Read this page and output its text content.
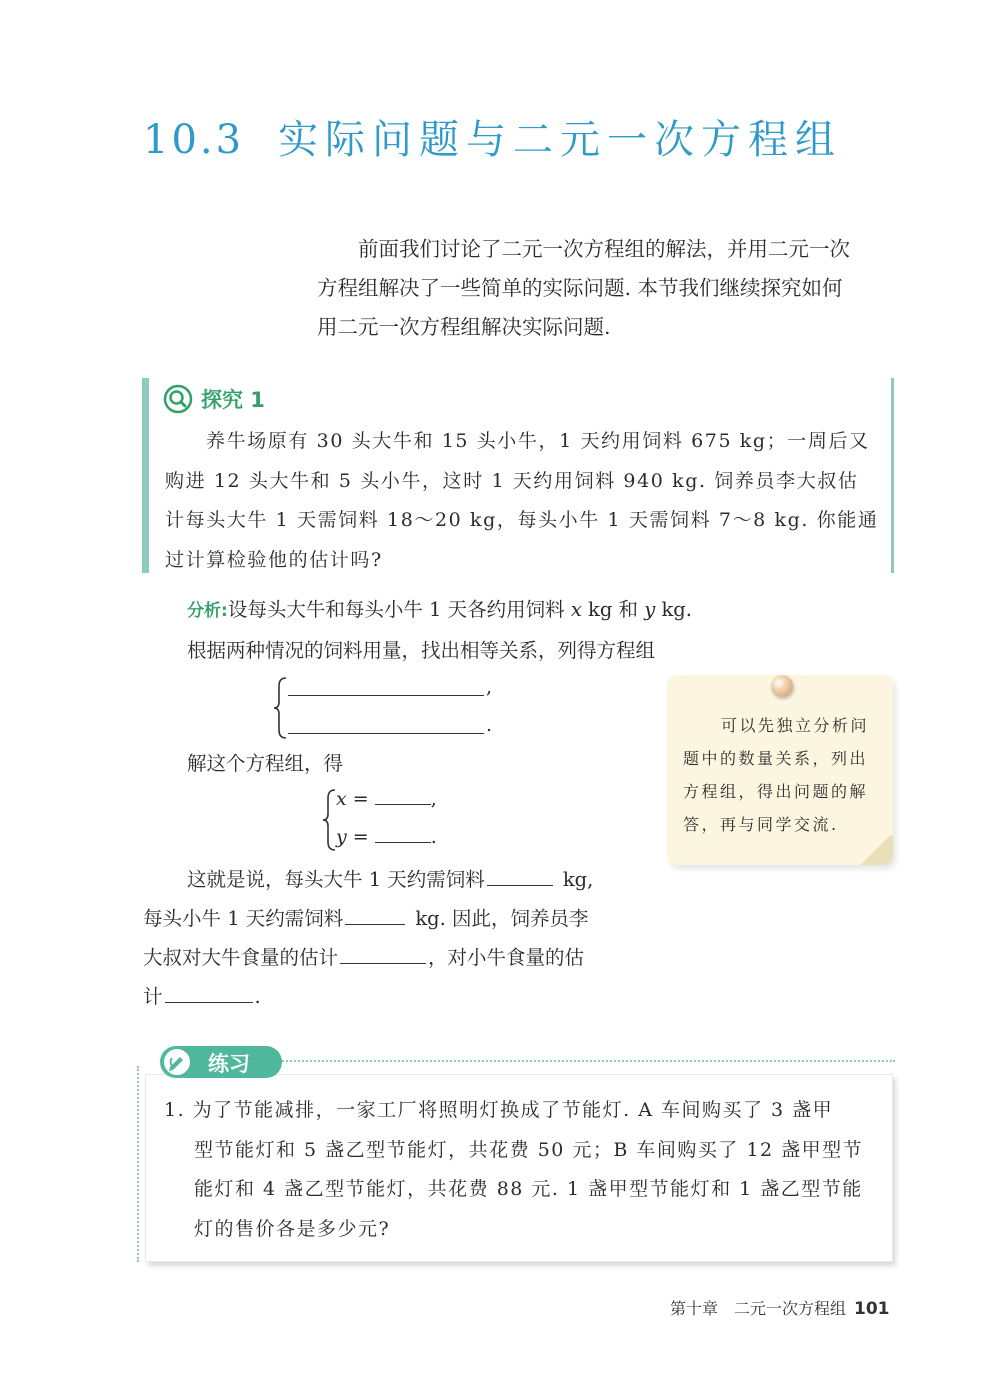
10.3 实际问题与二元一次方程组

前面我们讨论了二元一次方程组的解法，并用二元一次

方程组解决了一些简单的实际问题. 本节我们继续探究如何

用二元一次方程组解决实际问题.

探究 1

养牛场原有 30 头大牛和 15 头小牛，1 天约用饲料 675 kg；一周后又

购进 12 头大牛和 5 头小牛，这时 1 天约用饲料 940 kg. 饲养员李大叔估

计每头大牛 1 天需饲料 18～20 kg，每头小牛 1 天需饲料 7～8 kg. 你能通

过计算检验他的估计吗?

分析:设每头大牛和每头小牛 1 天各约用饲料 x kg 和 y kg.

根据两种情况的饲料用量，找出相等关系，列得方程组

,
.
解这个方程组，得
x =	,
y =	.

这就是说，每头大牛 1 天约需饲料	kg,

每头小牛 1 天约需饲料	kg. 因此，饲养员李

大叔对大牛食量的估计	，对小牛食量的估

计	.

可以先独立分析问

题中的数量关系，列出

方程组，得出问题的解

答，再与同学交流.

1. 为了节能减排，一家工厂将照明灯换成了节能灯. A 车间购买了 3 盏甲
型节能灯和 5 盏乙型节能灯，共花费 50 元；B 车间购买了 12 盏甲型节
能灯和 4 盏乙型节能灯，共花费 88 元. 1 盏甲型节能灯和 1 盏乙型节能
灯的售价各是多少元?

练习
第十章　二元一次方程组 101
